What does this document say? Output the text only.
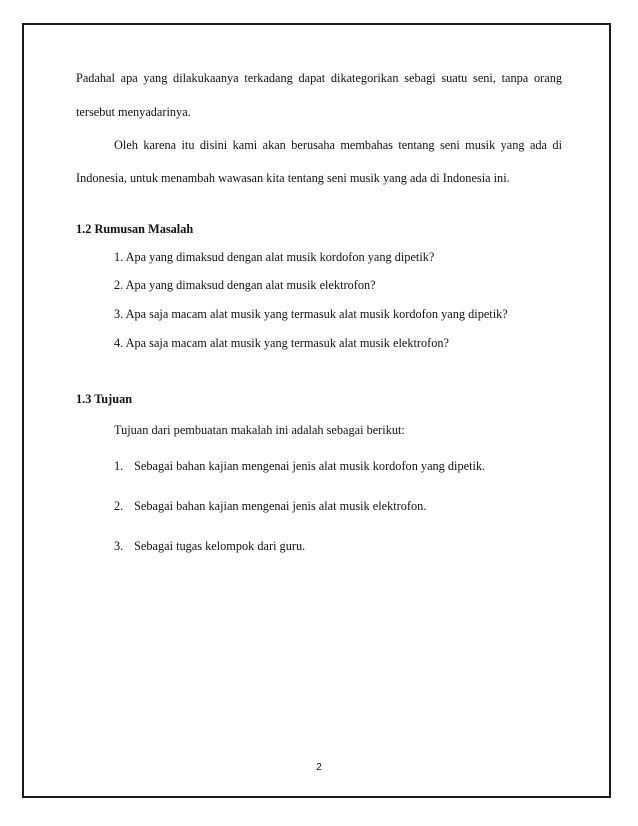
Padahal apa yang dilakukaanya terkadang dapat dikategorikan sebagi suatu seni, tanpa orang
tersebut menyadarinya.
Oleh karena itu disini kami akan berusaha membahas tentang seni musik yang ada di
Indonesia, untuk menambah wawasan kita tentang seni musik yang ada di Indonesia ini.
1.2 Rumusan Masalah
1. Apa yang dimaksud dengan alat musik kordofon yang dipetik?
2. Apa yang dimaksud dengan alat musik elektrofon?
3. Apa saja macam alat musik yang termasuk alat musik kordofon yang dipetik?
4. Apa saja macam alat musik yang termasuk alat musik elektrofon?
1.3 Tujuan
Tujuan dari pembuatan makalah ini adalah sebagai berikut:
1. Sebagai bahan kajian mengenai jenis alat musik kordofon yang dipetik.
2. Sebagai bahan kajian mengenai jenis alat musik elektrofon.
3. Sebagai tugas kelompok dari guru.
2
